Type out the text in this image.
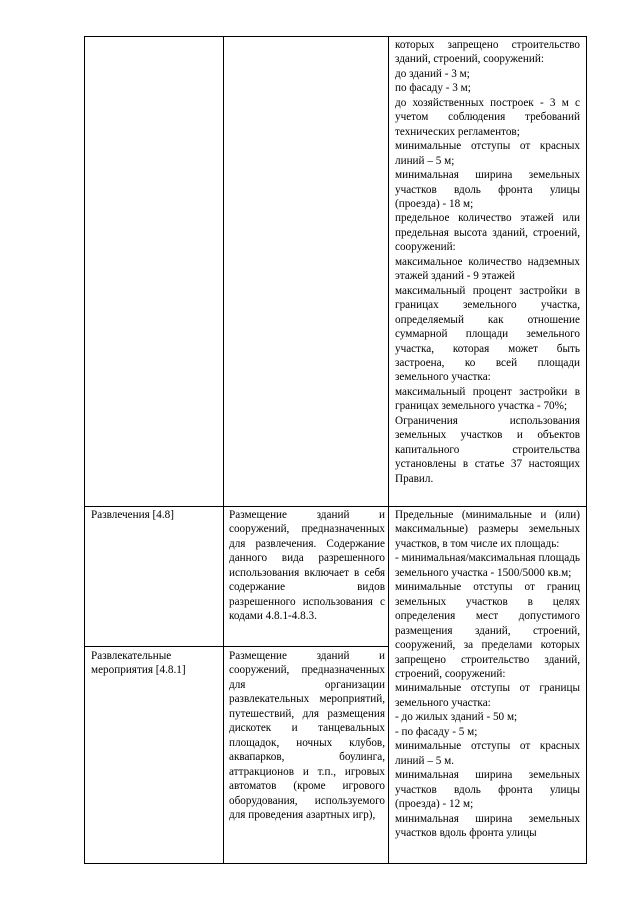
которых запрещено строительство зданий, строений, сооружений:

до зданий - 3 м;

по фасаду - 3 м;

до хозяйственных построек - 3 м с учетом соблюдения требований технических регламентов;

минимальные отступы от красных линий – 5 м;

минимальная ширина земельных участков вдоль фронта улицы (проезда) - 18 м;

предельное количество этажей или предельная высота зданий, строений, сооружений:

максимальное количество надземных этажей зданий - 9 этажей

максимальный процент застройки в границах земельного участка, определяемый как отношение суммарной площади земельного участка, которая может быть застроена, ко всей площади земельного участка:

максимальный процент застройки в границах земельного участка - 70%;

Ограничения использования земельных участков и объектов капитального строительства установлены в статье 37 настоящих Правил.

Развлечения [4.8]	Размещение зданий и сооружений, предназначенных для развлечения. Содержание данного вида разрешенного использования включает в себя содержание видов разрешенного использования с кодами 4.8.1-4.8.3.

Предельные (минимальные и (или) максимальные) размеры земельных участков, в том числе их площадь:

- минимальная/максимальная площадь земельного участка - 1500/5000 кв.м;

минимальные отступы от границ земельных участков в целях определения мест допустимого размещения зданий, строений, сооружений, за пределами которых запрещено строительство зданий, строений, сооружений:

минимальные отступы от границы земельного участка:

- до жилых зданий - 50 м;

- по фасаду - 5 м;

минимальные отступы от красных линий – 5 м.

минимальная ширина земельных участков вдоль фронта улицы (проезда) - 12 м;

минимальная ширина земельных участков вдоль фронта улицы

Развлекательные мероприятия [4.8.1]

Размещение зданий и сооружений, предназначенных для организации развлекательных мероприятий, путешествий, для размещения дискотек и танцевальных площадок, ночных клубов, аквапарков, боулинга, аттракционов и т.п., игровых автоматов (кроме игрового оборудования, используемого для проведения азартных игр),
